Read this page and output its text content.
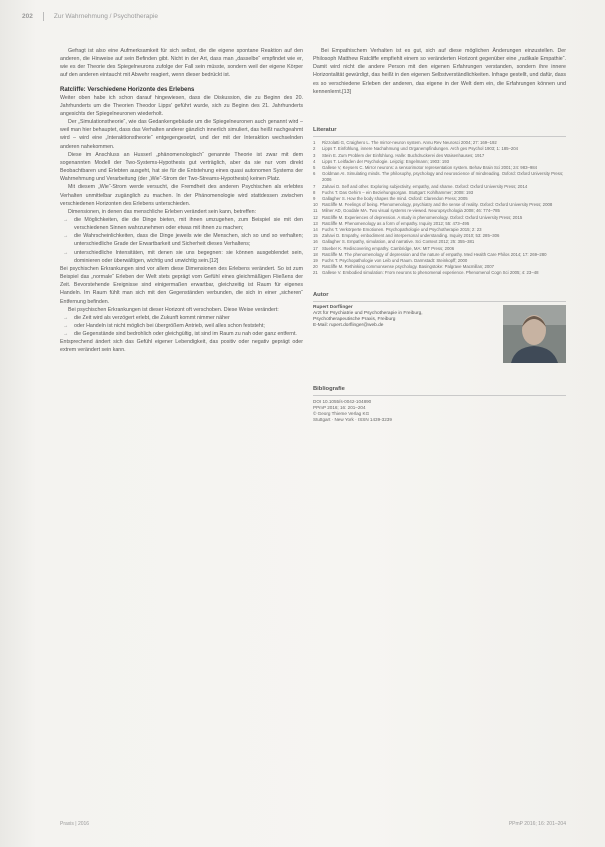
202	Zur Wahrnehmung / Psychotherapie

Gefragt ist also eine Aufmerksamkeit für sich selbst, die die eigene spontane Reaktion auf den anderen, die Hinweise auf sein Befinden gibt. Nicht in der Art, dass man „dasselbe“ empfindet wie er, wie es der Theorie des Spiegelneurons zufolge der Fall sein müsste, sondern weil der eigene Körper auf den anderen eintaucht mit Abwehr reagiert, wenn dieser bedrückt ist.

Ratcliffe: Verschiedene Horizonte des Erlebens

Weiter oben habe ich schon darauf hingewiesen, dass die Diskussion, die zu Beginn des 20. Jahrhunderts um die Theorien Theodor Lipps' geführt wurde, sich zu Beginn des 21. Jahrhunderts angesichts der Spiegelneuronen wiederholt.

Der „Simulationstheorie“, wie das Gedankengebäude um die Spiegelneuronen auch genannt wird – weil man hier behauptet, dass das Verhalten anderer gänzlich innerlich simuliert, das heißt nachgeahmt wird – wird eine „Interaktionstheorie“ entgegengesetzt, und der mit der Interaktion wechselnden anderen nahekommen.

Diese im Anschluss an Husserl „phänomenologisch“ genannte Theorie ist zwar mit dem sogenannten Modell der Two-Systems-Hypothesis gut verträglich, aber da sie nur vom direkt Beobachtbaren und Erlebten ausgeht, hat sie für die Entstehung eines quasi autonomen Systems der Wahrnehmung und Verarbeitung (der „Wie“-Strom der Two-Streams-Hypothesis) keinen Platz.

Mit diesem „Wie“-Strom werde versucht, die Fremdheit des anderen Psychischen als erlebtes Verhalten unmittelbar zugänglich zu machen. In der Phänomenologie wird stattdessen zwischen verschiedenen Horizonten des Erlebens unterschieden.

Dimensionen, in denen das menschliche Erleben verändert sein kann, betreffen:

→ die Möglichkeiten, die die Dinge bieten, mit ihnen umzugehen, zum Beispiel sie mit den verschiedenen Sinnen wahrzunehmen oder etwas mit ihnen zu machen;
→ die Wahrscheinlichkeiten, dass die Dinge jeweils wie die Menschen, sich so und so verhalten; unterschiedliche Grade der Erwartbarkeit und Sicherheit dieses Verhaltens;
→ unterschiedliche Intensitäten, mit denen sie uns begegnen: sie können ausgeblendet sein, dominieren oder überwältigen, wichtig und unwichtig sein.[12]

Bei psychischen Erkrankungen sind vor allem diese Dimensionen des Erlebens verändert. So ist zum Beispiel das „normale“ Erleben der Welt stets geprägt vom Gefühl eines gleichmäßigen Fließens der Zeit. Bevorstehende Ereignisse sind einigermaßen erwartbar, gleichzeitig ist Raum für eigenes Handeln. Im Raum fühlt man sich mit den Gegenständen verbunden, die sich in einer „sicheren“ Entfernung befinden.

Bei psychischen Erkrankungen ist dieser Horizont oft verschoben. Diese Weise verändert:

→ die Zeit wird als verzögert erlebt, die Zukunft kommt nimmer näher
→ oder Handeln ist nicht möglich bei übergrößem Antrieb, weil alles schon feststeht;
→ die Gegenstände sind bedrohlich oder gleichgültig, ist sind im Raum zu nah oder ganz entfernt.

Entsprechend ändert sich das Gefühl eigener Lebendigkeit, das positiv oder negativ geprägt oder extrem verändert sein kann.

Bei Empathischem Verhalten ist es gut, sich auf diese möglichen Änderungen einzustellen. Der Philosoph Matthew Ratcliffe empfiehlt einem so veränderten Horizont gegenüber eine „radikale Empathie“. Damit wird nicht die andere Person mit den eigenen Erfahrungen verstanden, sondern ihre innere Horizontalität gewürdigt, das heißt in den eigenen Selbstverständlichkeiten. Infrage gestellt, und dafür, dass es so verschiedene Erleben der anderen, das eigene in der Welt dem ein, die Erfahrungen können und kennenlernt.[13]

Literatur
1	Rizzolatti G, Craighero L. The mirror-neuron system. Annu Rev Neurosci 2004; 27: 169–192
2	Lipps T. Einfühlung, innere Nachahmung und Organempfindungen. Arch ges Psychol 1903; 1: 185–204
3	Stein E. Zum Problem der Einfühlung. Halle: Buchdruckerei des Waisenhauses; 1917
4	Lipps T. Leitfaden der Psychologie. Leipzig: Engelmann; 1903: 193
5	Gallese V, Keysers C. Mirror neurons: a sensorimotor representation system. Behav Brain Sci 2001; 24: 983–984
6	Goldman AI. Simulating minds. The philosophy, psychology and neuroscience of mindreading. Oxford: Oxford University Press; 2006
7	Zahavi D. Self and other. Exploring subjectivity, empathy, and shame. Oxford: Oxford University Press; 2014
8	Fuchs T. Das Gehirn – ein Beziehungsorgan. Stuttgart: Kohlhammer; 2008: 193
9	Gallagher S. How the body shapes the mind. Oxford: Clarendon Press; 2005
10 Ratcliffe M. Feelings of being. Phenomenology, psychiatry and the sense of reality. Oxford: Oxford University Press; 2008
11	Milner AD, Goodale MA. Two visual systems re-viewed. Neuropsychologia 2008; 46: 774–785
12 Ratcliffe M. Experiences of depression. A study in phenomenology. Oxford: Oxford University Press; 2015
13 Ratcliffe M. Phenomenology as a form of empathy. Inquiry 2012; 55: 473–495
14 Fuchs T. Verkörperte Emotionen. Psychopathologie und Psychotherapie 2015; 2: 23
15 Zahavi D. Empathy, embodiment and interpersonal understanding. Inquiry 2010; 53: 285–306
16 Gallagher S. Empathy, simulation, and narrative. Sci Context 2012; 25: 355–381
17 Stueber K. Rediscovering empathy. Cambridge, MA: MIT Press; 2006
18 Ratcliffe M. The phenomenology of depression and the nature of empathy. Med Health Care Philos 2014; 17: 269–280
19 Fuchs T. Psychopathologie von Leib und Raum. Darmstadt: Steinkopff; 2000
20 Ratcliffe M. Rethinking commonsense psychology. Basingstoke: Palgrave Macmillan; 2007
21 Gallese V. Embodied simulation: From neurons to phenomenal experience. Phenomenol Cogn Sci 2005; 4: 23–48
Autor
Rupert Dorflinger
Arzt für Psychiatrie und Psychotherapie in Freiburg,
Psychotherapeutische Praxis, Freiburg
E-Mail: rupert.dorflinger@web.de
Bibliografie
DOI 10.1055/s-0042-104890
PPmP 2016; 16: 201–204
© Georg Thieme Verlag KG
Stuttgart · New York · ISSN 1439-3239
Praxis | 2016	PPmP 2016; 16: 201–204
